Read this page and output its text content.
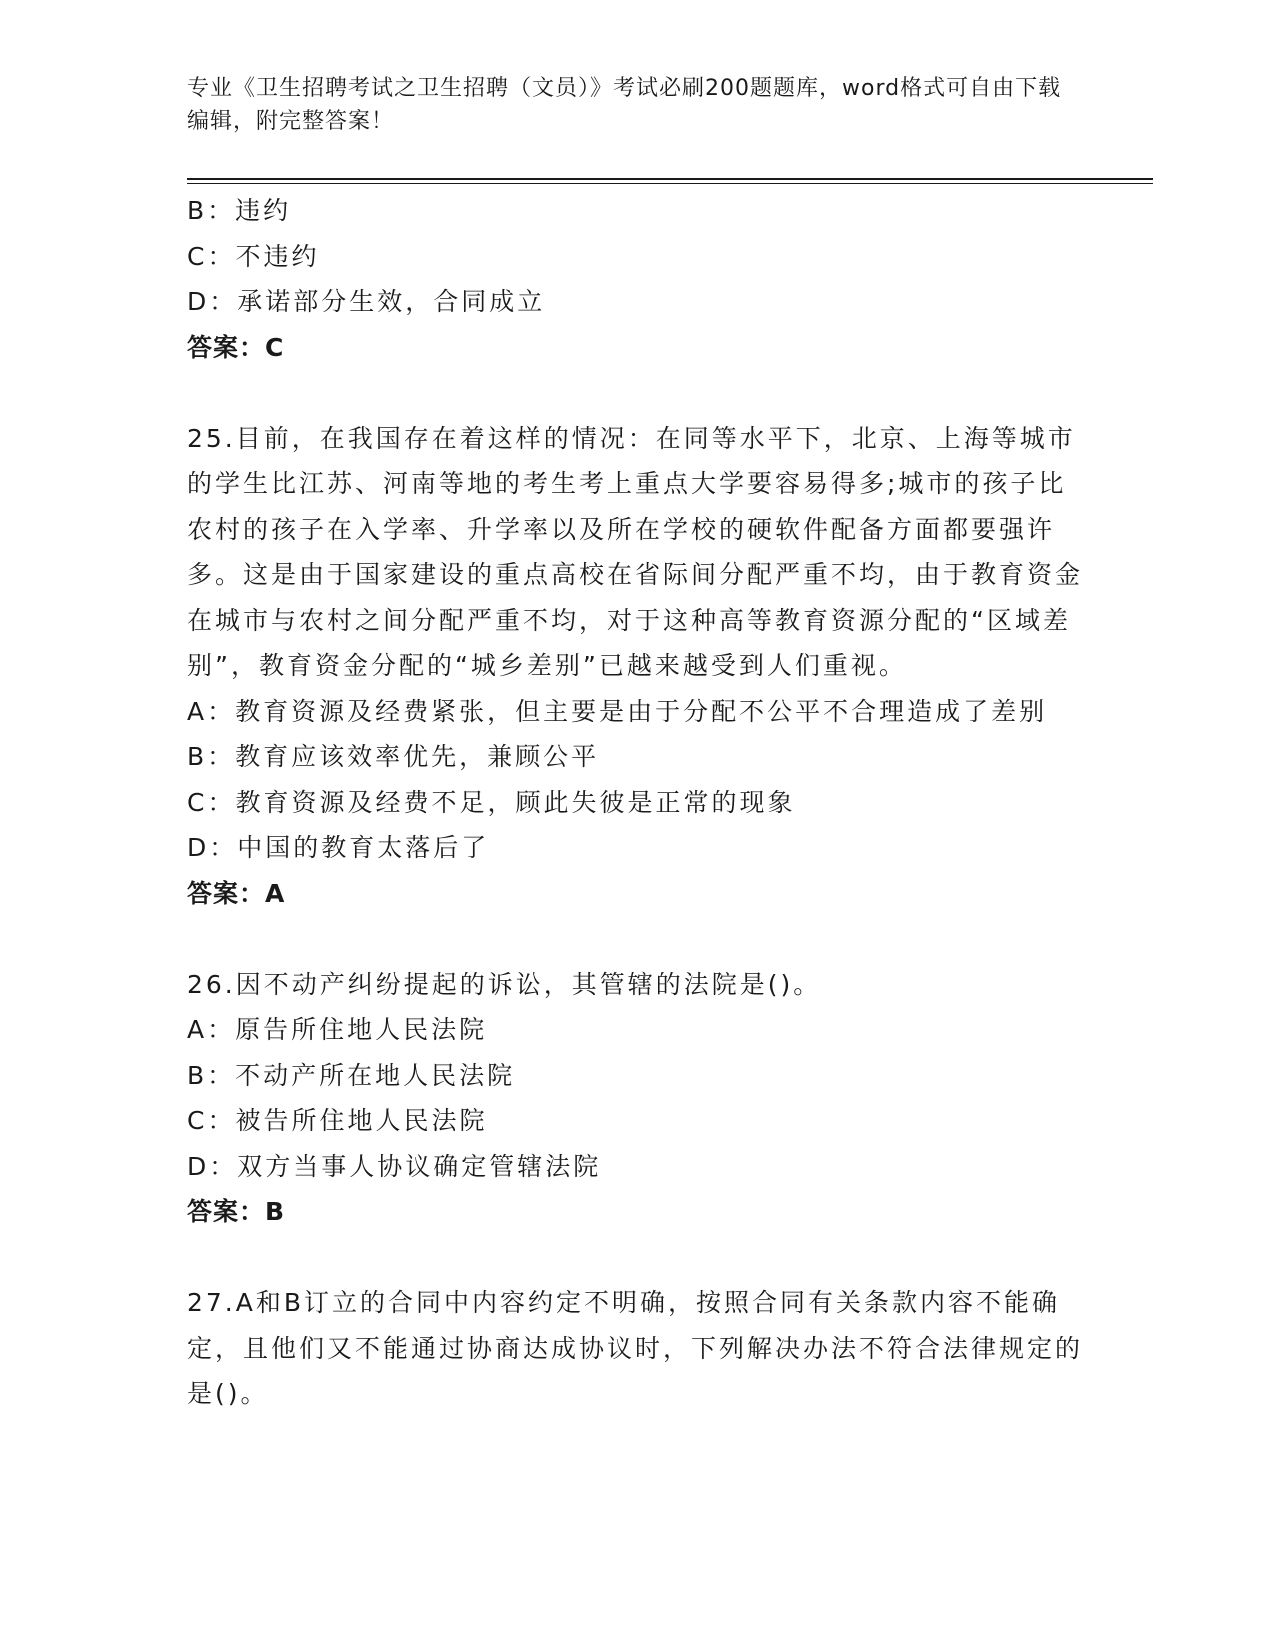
专业《卫生招聘考试之卫生招聘（文员）》考试必刷200题题库，word格式可自由下载编辑，附完整答案！
B：违约
C：不违约
D：承诺部分生效，合同成立
答案：C
25.目前，在我国存在着这样的情况：在同等水平下，北京、上海等城市的学生比江苏、河南等地的考生考上重点大学要容易得多;城市的孩子比农村的孩子在入学率、升学率以及所在学校的硬软件配备方面都要强许多。这是由于国家建设的重点高校在省际间分配严重不均，由于教育资金在城市与农村之间分配严重不均，对于这种高等教育资源分配的“区域差别”，教育资金分配的“城乡差别”已越来越受到人们重视。
A：教育资源及经费紧张，但主要是由于分配不公平不合理造成了差别
B：教育应该效率优先，兼顾公平
C：教育资源及经费不足，顾此失彼是正常的现象
D：中国的教育太落后了
答案：A
26.因不动产纠纷提起的诉讼，其管辖的法院是()。
A：原告所住地人民法院
B：不动产所在地人民法院
C：被告所住地人民法院
D：双方当事人协议确定管辖法院
答案：B
27.A和B订立的合同中内容约定不明确，按照合同有关条款内容不能确定，且他们又不能通过协商达成协议时，下列解决办法不符合法律规定的是()。
